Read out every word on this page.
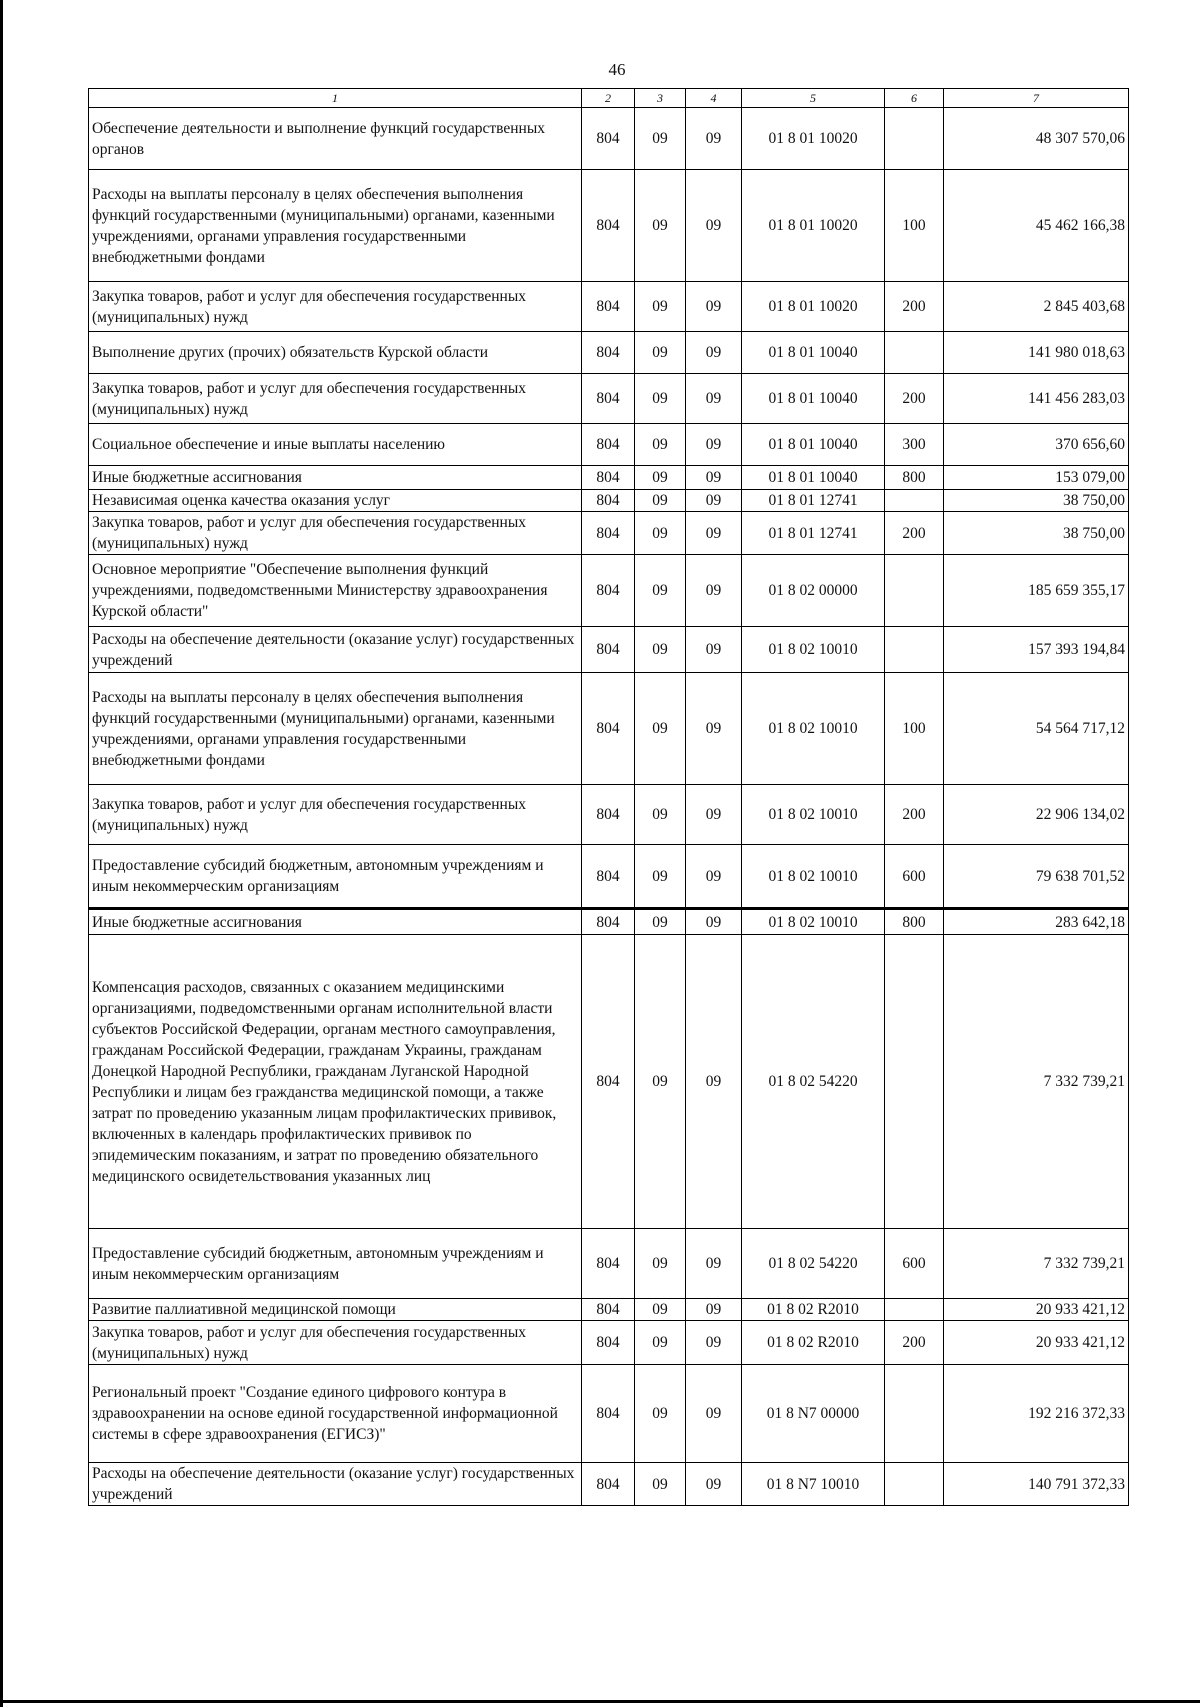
46
1	2	3	4	5	6	7
Обеспечение деятельности и выполнение функций государственных органов	804	09	09	01 8 01 10020		48 307 570,06
Расходы на выплаты персоналу в целях обеспечения выполнения функций государственными (муниципальными) органами, казенными учреждениями, органами управления государственными внебюджетными фондами	804	09	09	01 8 01 10020	100	45 462 166,38
Закупка товаров, работ и услуг для обеспечения государственных (муниципальных) нужд	804	09	09	01 8 01 10020	200	2 845 403,68
Выполнение других (прочих) обязательств Курской области	804	09	09	01 8 01 10040		141 980 018,63
Закупка товаров, работ и услуг для обеспечения государственных (муниципальных) нужд	804	09	09	01 8 01 10040	200	141 456 283,03
Социальное обеспечение и иные выплаты населению	804	09	09	01 8 01 10040	300	370 656,60
Иные бюджетные ассигнования	804	09	09	01 8 01 10040	800	153 079,00
Независимая оценка качества оказания услуг	804	09	09	01 8 01 12741		38 750,00
Закупка товаров, работ и услуг для обеспечения государственных (муниципальных) нужд	804	09	09	01 8 01 12741	200	38 750,00
Основное мероприятие "Обеспечение выполнения функций учреждениями, подведомственными Министерству здравоохранения Курской области"	804	09	09	01 8 02 00000		185 659 355,17
Расходы на обеспечение деятельности (оказание услуг) государственных учреждений	804	09	09	01 8 02 10010		157 393 194,84
Расходы на выплаты персоналу в целях обеспечения выполнения функций государственными (муниципальными) органами, казенными учреждениями, органами управления государственными внебюджетными фондами	804	09	09	01 8 02 10010	100	54 564 717,12
Закупка товаров, работ и услуг для обеспечения государственных (муниципальных) нужд	804	09	09	01 8 02 10010	200	22 906 134,02
Предоставление субсидий бюджетным, автономным учреждениям и иным некоммерческим организациям	804	09	09	01 8 02 10010	600	79 638 701,52
Иные бюджетные ассигнования	804	09	09	01 8 02 10010	800	283 642,18
Компенсация расходов, связанных с оказанием медицинскими организациями, подведомственными органам исполнительной власти субъектов Российской Федерации, органам местного самоуправления, гражданам Российской Федерации, гражданам Украины, гражданам Донецкой Народной Республики, гражданам Луганской Народной Республики и лицам без гражданства медицинской помощи, а также затрат по проведению указанным лицам профилактических прививок, включенных в календарь профилактических прививок по эпидемическим показаниям, и затрат по проведению обязательного медицинского освидетельствования указанных лиц	804	09	09	01 8 02 54220		7 332 739,21
Предоставление субсидий бюджетным, автономным учреждениям и иным некоммерческим организациям	804	09	09	01 8 02 54220	600	7 332 739,21
Развитие паллиативной медицинской помощи	804	09	09	01 8 02 R2010		20 933 421,12
Закупка товаров, работ и услуг для обеспечения государственных (муниципальных) нужд	804	09	09	01 8 02 R2010	200	20 933 421,12
Региональный проект "Создание единого цифрового контура в здравоохранении на основе единой государственной информационной системы в сфере здравоохранения (ЕГИСЗ)"	804	09	09	01 8 N7 00000		192 216 372,33
Расходы на обеспечение деятельности (оказание услуг) государственных учреждений	804	09	09	01 8 N7 10010		140 791 372,33
